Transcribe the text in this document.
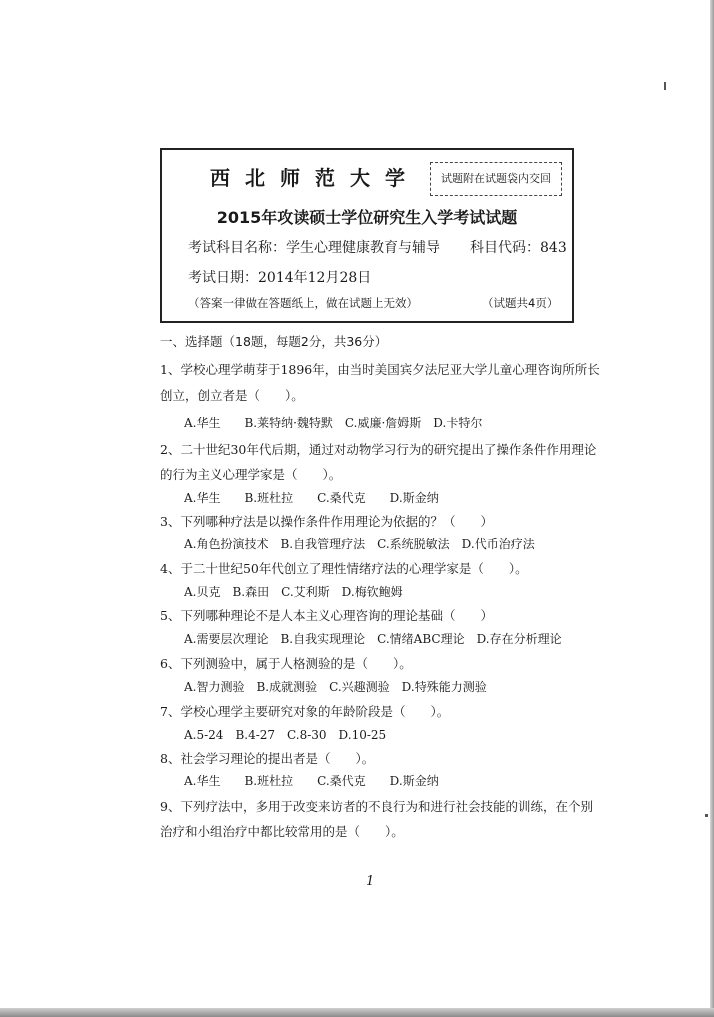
西北师范大学	试题附在试题袋内交回
2015年攻读硕士学位研究生入学考试试题
考试科目名称：学生心理健康教育与辅导 科目代码：843
考试日期：2014年12月28日
（答案一律做在答题纸上，做在试题上无效）	（试题共4页）
一、选择题（18题，每题2分，共36分）
1、学校心理学萌芽于1896年，由当时美国宾夕法尼亚大学儿童心理咨询所所长
创立，创立者是（　　）。
A.华生　　B.莱特纳·魏特默　C.威廉·詹姆斯　D.卡特尔
2、二十世纪30年代后期，通过对动物学习行为的研究提出了操作条件作用理论
的行为主义心理学家是（　　）。
A.华生　　B.班杜拉　　C.桑代克　　D.斯金纳
3、下列哪种疗法是以操作条件作用理论为依据的？（　　）
A.角色扮演技术　B.自我管理疗法　C.系统脱敏法　D.代币治疗法
4、于二十世纪50年代创立了理性情绪疗法的心理学家是（　　）。
A.贝克　B.森田　C.艾利斯　D.梅钦鲍姆
5、下列哪种理论不是人本主义心理咨询的理论基础（　　）
A.需要层次理论　B.自我实现理论　C.情绪ABC理论　D.存在分析理论
6、下列测验中，属于人格测验的是（　　）。
A.智力测验　B.成就测验　C.兴趣测验　D.特殊能力测验
7、学校心理学主要研究对象的年龄阶段是（　　）。
A.5-24　B.4-27　C.8-30　D.10-25
8、社会学习理论的提出者是（　　）。
A.华生　　B.班杜拉　　C.桑代克　　D.斯金纳
9、下列疗法中，多用于改变来访者的不良行为和进行社会技能的训练，在个别
治疗和小组治疗中都比较常用的是（　　）。
1
